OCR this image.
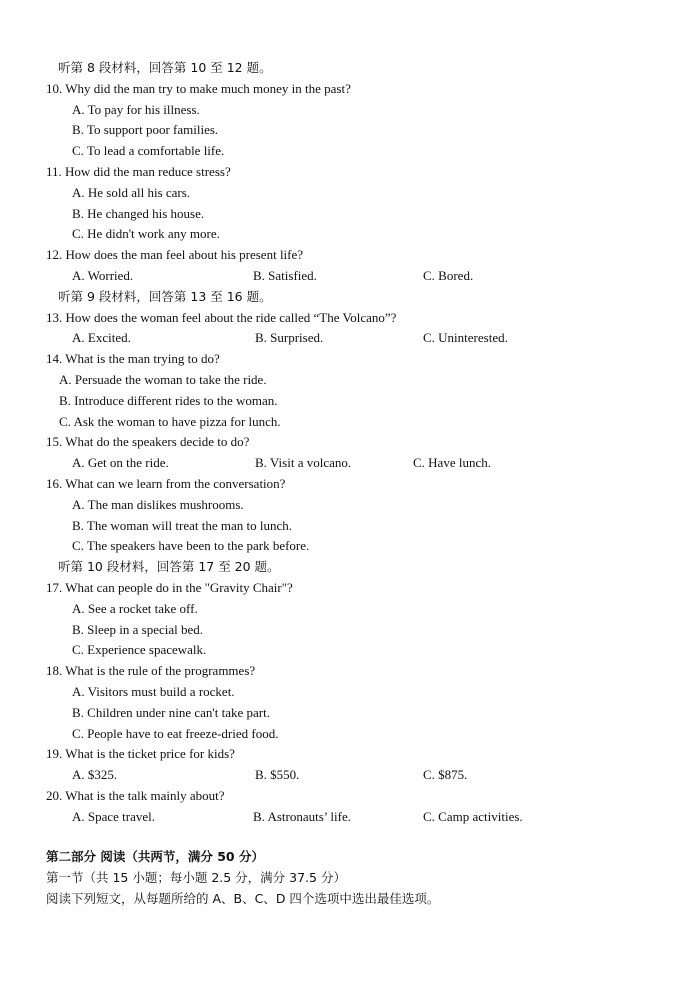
听第 8 段材料，回答第 10 至 12 题。
10. Why did the man try to make much money in the past?
A. To pay for his illness.
B. To support poor families.
C. To lead a comfortable life.
11. How did the man reduce stress?
A. He sold all his cars.
B. He changed his house.
C. He didn't work any more.
12. How does the man feel about his present life?
A. Worried.	B. Satisfied.	C. Bored.
听第 9 段材料，回答第 13 至 16 题。
13. How does the woman feel about the ride called “The Volcano”?
A. Excited.	B. Surprised.	C. Uninterested.
14. What is the man trying to do?
A. Persuade the woman to take the ride.
B. Introduce different rides to the woman.
C. Ask the woman to have pizza for lunch.
15. What do the speakers decide to do?
A. Get on the ride.	B. Visit a volcano.	C. Have lunch.
16. What can we learn from the conversation?
A. The man dislikes mushrooms.
B. The woman will treat the man to lunch.
C. The speakers have been to the park before.
听第 10 段材料，回答第 17 至 20 题。
17. What can people do in the "Gravity Chair"?
A. See a rocket take off.
B. Sleep in a special bed.
C. Experience spacewalk.
18. What is the rule of the programmes?
A. Visitors must build a rocket.
B. Children under nine can't take part.
C. People have to eat freeze-dried food.
19. What is the ticket price for kids?
A. $325.	B. $550.	C. $875.
20. What is the talk mainly about?
A. Space travel.	B. Astronauts’ life.	C. Camp activities.
第二部分 阅读（共两节，满分 50 分）
第一节（共 15 小题；每小题 2.5 分，满分 37.5 分）
阅读下列短文，从每题所给的 A、B、C、D 四个选项中选出最佳选项。
